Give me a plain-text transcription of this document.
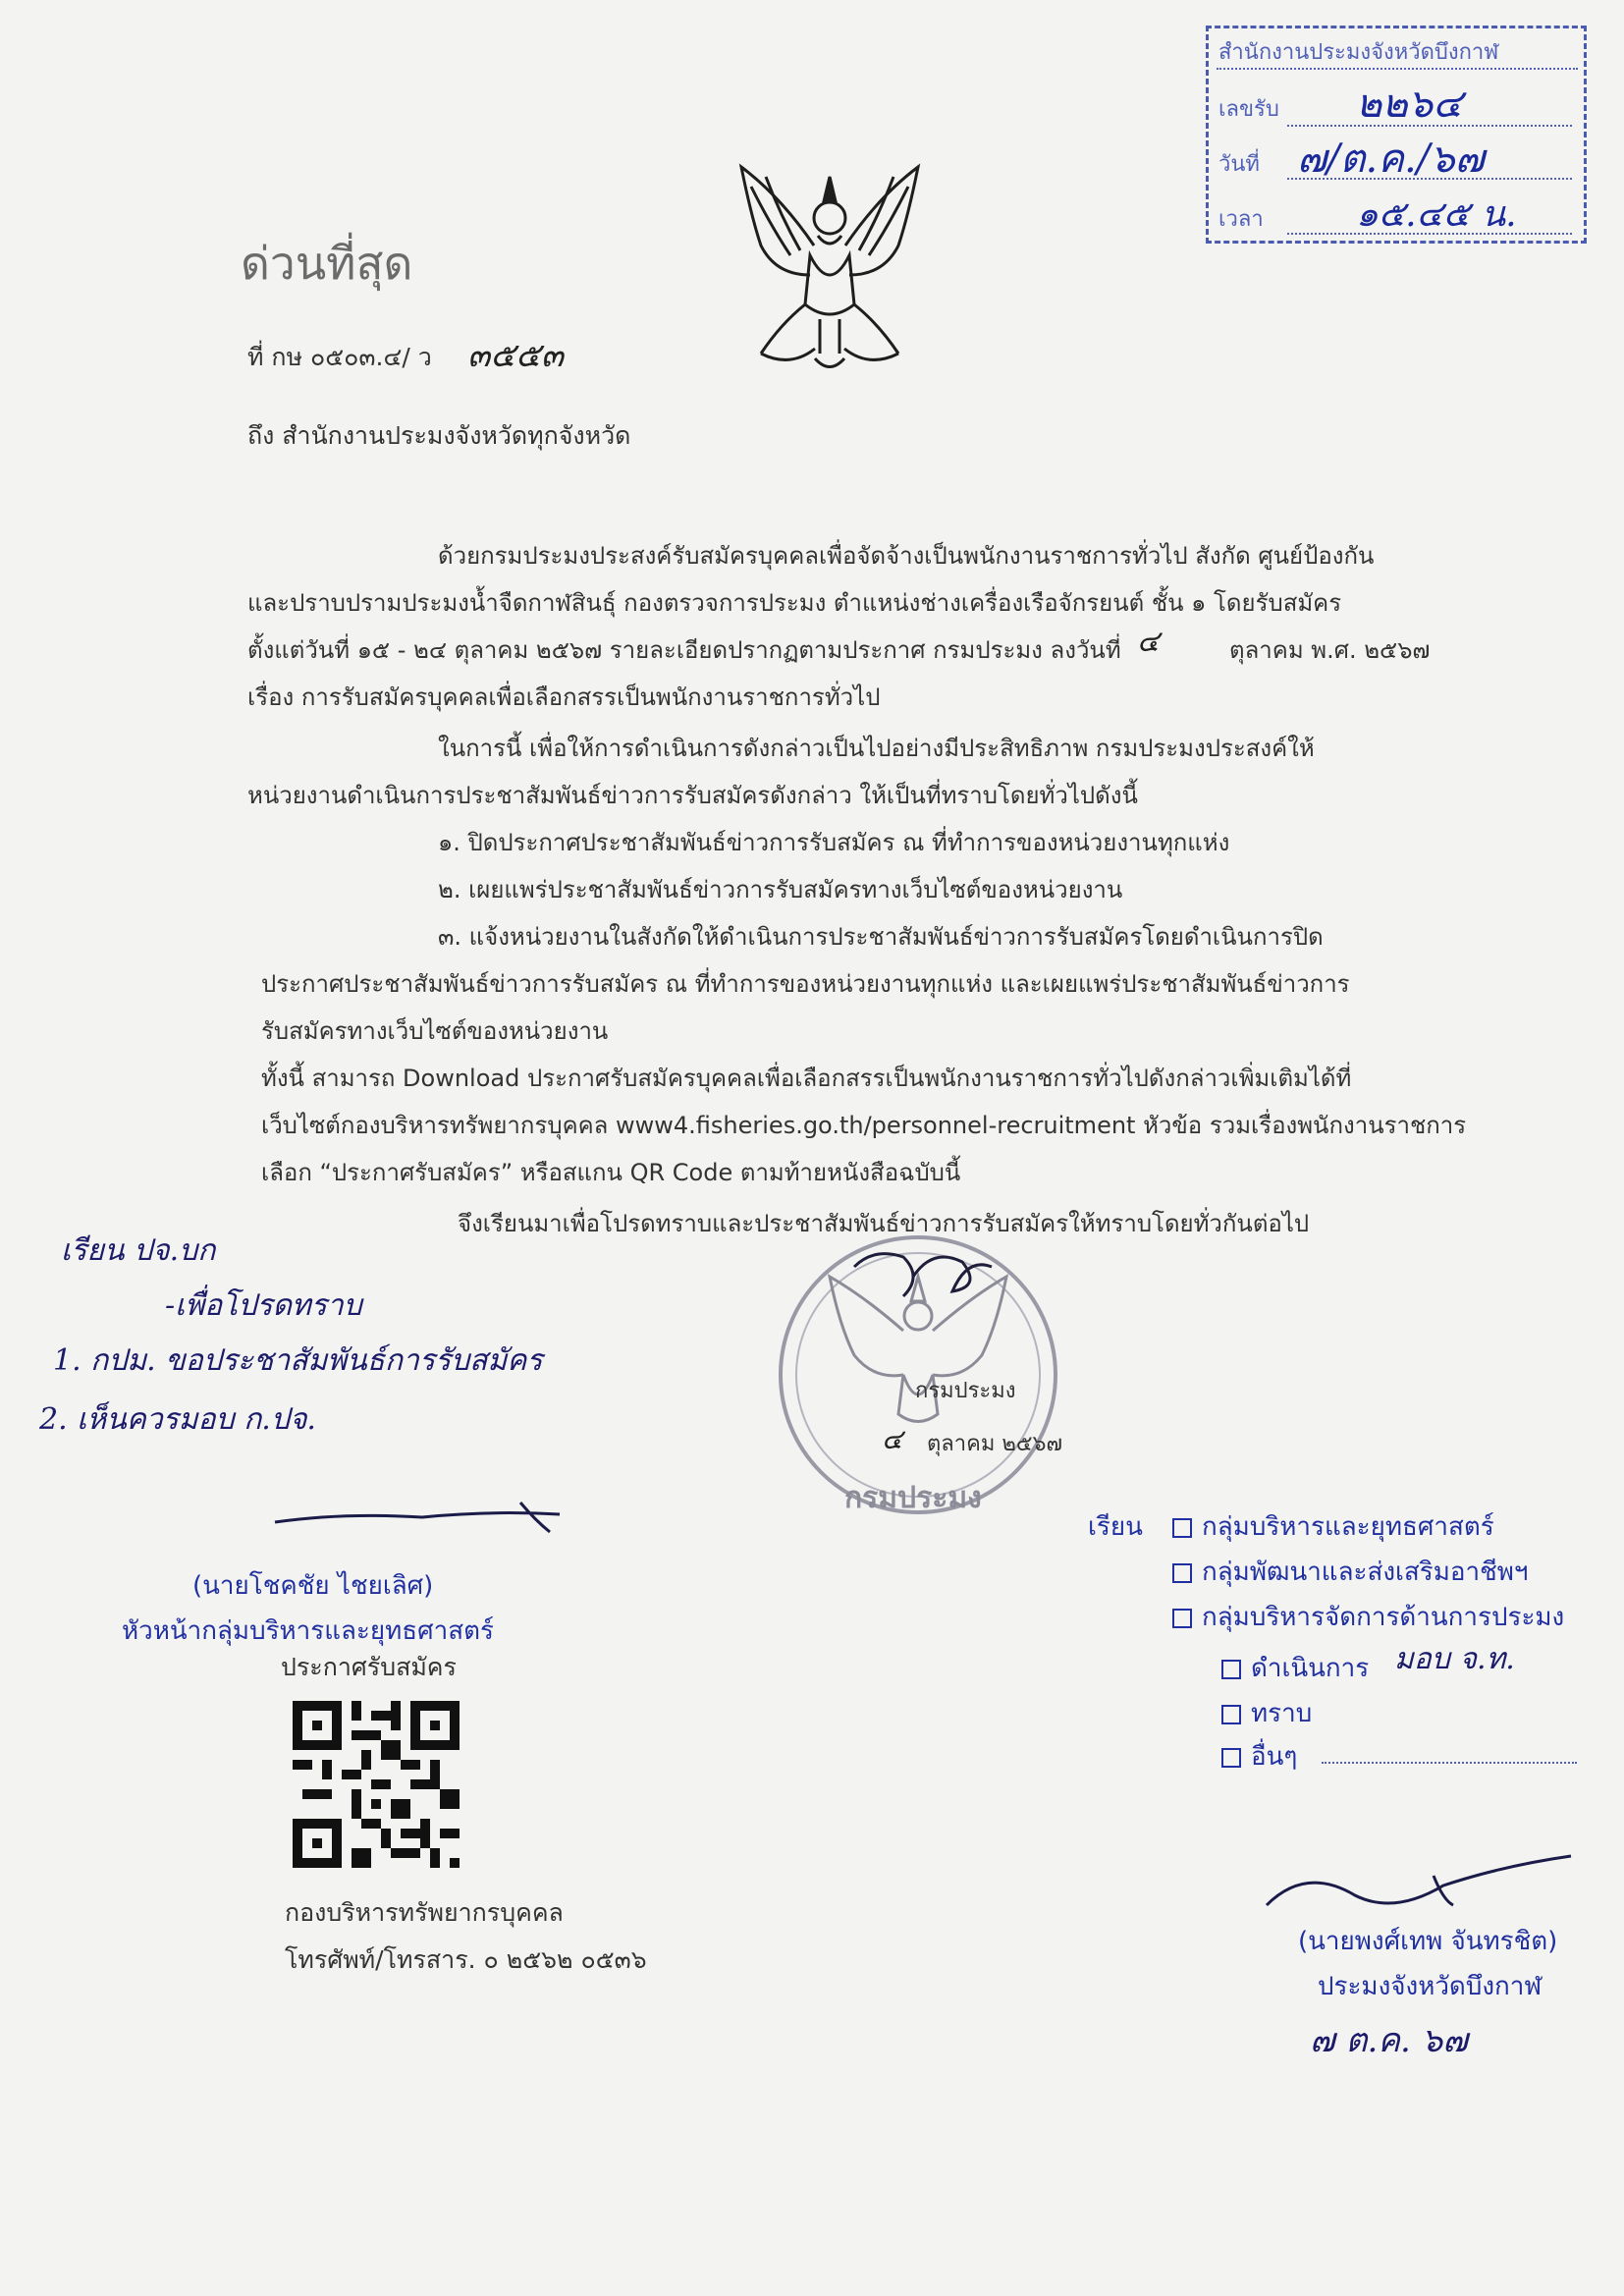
สำนักงานประมงจังหวัดบึงกาฬ
เลขรับ ๒๒๖๔
วันที่ ๗/ต.ค./๖๗
เวลา	๑๕.๔๕ น.
ด่วนที่สุด
ที่ กษ ๐๕๐๓.๔/ ว ๓๕๕๓
ถึง สำนักงานประมงจังหวัดทุกจังหวัด
ด้วยกรมประมงประสงค์รับสมัครบุคคลเพื่อจัดจ้างเป็นพนักงานราชการทั่วไป สังกัด ศูนย์ป้องกัน
และปราบปรามประมงน้ำจืดกาฬสินธุ์ กองตรวจการประมง ตำแหน่งช่างเครื่องเรือจักรยนต์ ชั้น ๑ โดยรับสมัคร
ตั้งแต่วันที่ ๑๕ - ๒๔ ตุลาคม ๒๕๖๗ รายละเอียดปรากฏตามประกาศ กรมประมง ลงวันที่ ๔	ตุลาคม พ.ศ. ๒๕๖๗
เรื่อง การรับสมัครบุคคลเพื่อเลือกสรรเป็นพนักงานราชการทั่วไป
ในการนี้ เพื่อให้การดำเนินการดังกล่าวเป็นไปอย่างมีประสิทธิภาพ กรมประมงประสงค์ให้
หน่วยงานดำเนินการประชาสัมพันธ์ข่าวการรับสมัครดังกล่าว ให้เป็นที่ทราบโดยทั่วไปดังนี้
๑. ปิดประกาศประชาสัมพันธ์ข่าวการรับสมัคร ณ ที่ทำการของหน่วยงานทุกแห่ง
๒. เผยแพร่ประชาสัมพันธ์ข่าวการรับสมัครทางเว็บไซต์ของหน่วยงาน
๓. แจ้งหน่วยงานในสังกัดให้ดำเนินการประชาสัมพันธ์ข่าวการรับสมัครโดยดำเนินการปิด
ประกาศประชาสัมพันธ์ข่าวการรับสมัคร ณ ที่ทำการของหน่วยงานทุกแห่ง และเผยแพร่ประชาสัมพันธ์ข่าวการ
รับสมัครทางเว็บไซต์ของหน่วยงาน
ทั้งนี้ สามารถ Download ประกาศรับสมัครบุคคลเพื่อเลือกสรรเป็นพนักงานราชการทั่วไปดังกล่าวเพิ่มเติมได้ที่
เว็บไซต์กองบริหารทรัพยากรบุคคล www4.fisheries.go.th/personnel-recruitment หัวข้อ รวมเรื่องพนักงานราชการ
เลือก “ประกาศรับสมัคร” หรือสแกน QR Code ตามท้ายหนังสือฉบับนี้
จึงเรียนมาเพื่อโปรดทราบและประชาสัมพันธ์ข่าวการรับสมัครให้ทราบโดยทั่วกันต่อไป
เรียน ปจ.บก
-เพื่อโปรดทราบ
1. กปม. ขอประชาสัมพันธ์การรับสมัคร
2. เห็นควรมอบ ก.ปจ.
กรมประมง
๔ ตุลาคม ๒๕๖๗
กรมประมง
(นายโชคชัย ไชยเลิศ)
หัวหน้ากลุ่มบริหารและยุทธศาสตร์
ประกาศรับสมัคร
กองบริหารทรัพยากรบุคคล
โทรศัพท์/โทรสาร. ๐ ๒๕๖๒ ๐๕๓๖
เรียน	กลุ่มบริหารและยุทธศาสตร์
กลุ่มพัฒนาและส่งเสริมอาชีพฯ
กลุ่มบริหารจัดการด้านการประมง
ดำเนินการ มอบ จ.ท.
ทราบ
อื่นๆ
(นายพงศ์เทพ จันทรชิต)
ประมงจังหวัดบึงกาฬ
๗ ต.ค. ๖๗
